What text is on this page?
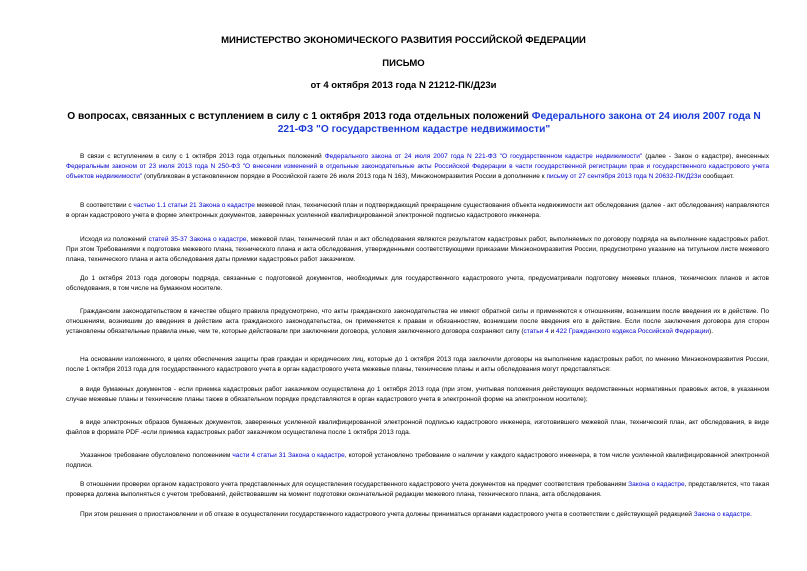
МИНИСТЕРСТВО ЭКОНОМИЧЕСКОГО РАЗВИТИЯ РОССИЙСКОЙ ФЕДЕРАЦИИ
ПИСЬМО
от 4 октября 2013 года N 21212-ПК/Д23и
О вопросах, связанных с вступлением в силу с 1 октября 2013 года отдельных положений Федерального закона от 24 июля 2007 года N 221-ФЗ "О государственном кадастре недвижимости"

В связи с вступлением в силу с 1 октября 2013 года отдельных положений Федерального закона от 24 июля 2007 года N 221-ФЗ "О государственном кадастре недвижимости" (далее - Закон о кадастре), внесенных Федеральным законом от 23 июля 2013 года N 250-ФЗ "О внесении изменений в отдельные законодательные акты Российской Федерации в части государственной регистрации прав и государственного кадастрового учета объектов недвижимости" (опубликован в установленном порядке в Российской газете 26 июля 2013 года N 163), Минэкономразвития России в дополнение к письму от 27 сентября 2013 года N 20632-ПК/Д23и сообщает.

В соответствии с частью 1.1 статьи 21 Закона о кадастре межевой план, технический план и подтверждающий прекращение существования объекта недвижимости акт обследования (далее - акт обследования) направляются в орган кадастрового учета в форме электронных документов, заверенных усиленной квалифицированной электронной подписью кадастрового инженера.

Исходя из положений статей 35-37 Закона о кадастре, межевой план, технический план и акт обследования являются результатом кадастровых работ, выполняемых по договору подряда на выполнение кадастровых работ. При этом Требованиями к подготовке межевого плана, технического плана и акта обследования, утвержденными соответствующими приказами Минэкономразвития России, предусмотрено указание на титульном листе межевого плана, технического плана и акта обследования даты приемки кадастровых работ заказчиком.

До 1 октября 2013 года договоры подряда, связанные с подготовкой документов, необходимых для государственного кадастрового учета, предусматривали подготовку межевых планов, технических планов и актов обследования, в том числе на бумажном носителе.

Гражданским законодательством в качестве общего правила предусмотрено, что акты гражданского законодательства не имеют обратной силы и применяются к отношениям, возникшим после введения их в действие. По отношениям, возникшим до введения в действие акта гражданского законодательства, он применяется к правам и обязанностям, возникшим после введения его в действие. Если после заключения договора для сторон установлены обязательные правила иные, чем те, которые действовали при заключении договора, условия заключенного договора сохраняют силу (статьи 4 и 422 Гражданского кодекса Российской Федерации).

На основании изложенного, в целях обеспечения защиты прав граждан и юридических лиц, которые до 1 октября 2013 года заключили договоры на выполнение кадастровых работ, по мнению Минэкономразвития России, после 1 октября 2013 года для государственного кадастрового учета в орган кадастрового учета межевые планы, технические планы и акты обследования могут представляться:

в виде бумажных документов - если приемка кадастровых работ заказчиком осуществлена до 1 октября 2013 года (при этом, учитывая положения действующих ведомственных нормативных правовых актов, в указанном случае межевые планы и технические планы также в обязательном порядке представляются в орган кадастрового учета в электронной форме на электронном носителе);

в виде электронных образов бумажных документов, заверенных усиленной квалифицированной электронной подписью кадастрового инженера, изготовившего межевой план, технический план, акт обследования, в виде файлов в формате PDF -если приемка кадастровых работ заказчиком осуществлена после 1 октября 2013 года.

Указанное требование обусловлено положением части 4 статьи 31 Закона о кадастре, которой установлено требование о наличии у каждого кадастрового инженера, в том числе усиленной квалифицированной электронной подписи.

В отношении проверки органом кадастрового учета представленных для осуществления государственного кадастрового учета документов на предмет соответствия требованиям Закона о кадастре, представляется, что такая проверка должна выполняться с учетом требований, действовавшим на момент подготовки окончательной редакции межевого плана, технического плана, акта обследования.

При этом решения о приостановлении и об отказе в осуществлении государственного кадастрового учета должны приниматься органами кадастрового учета в соответствии с действующей редакцией Закона о кадастре.
